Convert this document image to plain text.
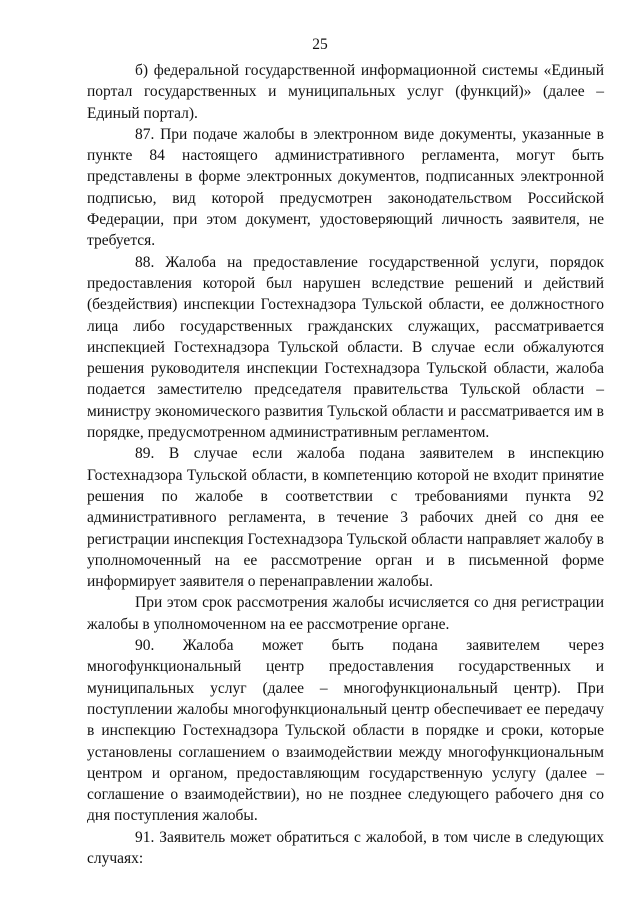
25

б) федеральной государственной информационной системы «Единый портал государственных и муниципальных услуг (функций)» (далее – Единый портал).

87. При подаче жалобы в электронном виде документы, указанные в пункте 84 настоящего административного регламента, могут быть представлены в форме электронных документов, подписанных электронной подписью, вид которой предусмотрен законодательством Российской Федерации, при этом документ, удостоверяющий личность заявителя, не требуется.

88. Жалоба на предоставление государственной услуги, порядок предоставления которой был нарушен вследствие решений и действий (бездействия) инспекции Гостехнадзора Тульской области, ее должностного лица либо государственных гражданских служащих, рассматривается инспекцией Гостехнадзора Тульской области. В случае если обжалуются решения руководителя инспекции Гостехнадзора Тульской области, жалоба подается заместителю председателя правительства Тульской области – министру экономического развития Тульской области и рассматривается им в порядке, предусмотренном административным регламентом.

89. В случае если жалоба подана заявителем в инспекцию Гостехнадзора Тульской области, в компетенцию которой не входит принятие решения по жалобе в соответствии с требованиями пункта 92 административного регламента, в течение 3 рабочих дней со дня ее регистрации инспекция Гостехнадзора Тульской области направляет жалобу в уполномоченный на ее рассмотрение орган и в письменной форме информирует заявителя о перенаправлении жалобы.

При этом срок рассмотрения жалобы исчисляется со дня регистрации жалобы в уполномоченном на ее рассмотрение органе.

90. Жалоба может быть подана заявителем через многофункциональный центр предоставления государственных и муниципальных услуг (далее – многофункциональный центр). При поступлении жалобы многофункциональный центр обеспечивает ее передачу в инспекцию Гостехнадзора Тульской области в порядке и сроки, которые установлены соглашением о взаимодействии между многофункциональным центром и органом, предоставляющим государственную услугу (далее – соглашение о взаимодействии), но не позднее следующего рабочего дня со дня поступления жалобы.

91. Заявитель может обратиться с жалобой, в том числе в следующих случаях:
